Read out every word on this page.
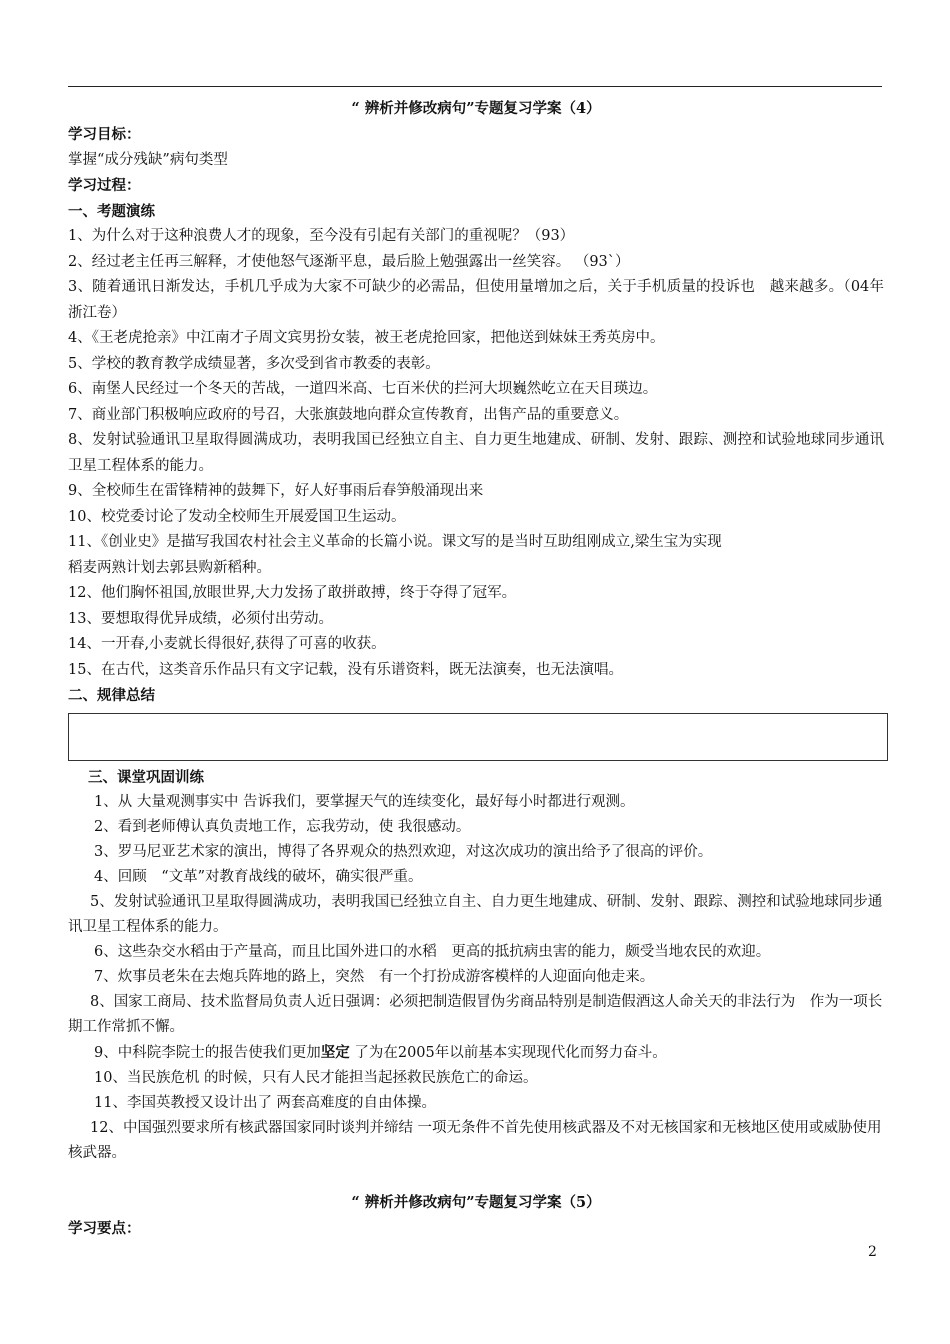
“ 辨析并修改病句”专题复习学案（4）
学习目标：
掌握“成分残缺”病句类型
学习过程：
一、考题演练
1、为什么对于这种浪费人才的现象，至今没有引起有关部门的重视呢？（93）
2、经过老主任再三解释，才使他怒气逐渐平息，最后脸上勉强露出一丝笑容。 （93`）
3、随着通讯日渐发达，手机几乎成为大家不可缺少的必需品，但使用量增加之后，关于手机质量的投诉也　越来越多。（04年浙江卷）
4、《王老虎抢亲》中江南才子周文宾男扮女装，被王老虎抢回家，把他送到妹妹王秀英房中。
5、学校的教育教学成绩显著，多次受到省市教委的表彰。
6、南堡人民经过一个冬天的苦战，一道四米高、七百米伏的拦河大坝巍然屹立在天目瑛边。
7、商业部门积极响应政府的号召，大张旗鼓地向群众宣传教育，出售产品的重要意义。
8、发射试验通讯卫星取得圆满成功，表明我国已经独立自主、自力更生地建成、研制、发射、跟踪、测控和试验地球同步通讯卫星工程体系的能力。
9、全校师生在雷锋精神的鼓舞下，好人好事雨后春笋般涌现出来
10、校党委讨论了发动全校师生开展爱国卫生运动。
11、《创业史》是描写我国农村社会主义革命的长篇小说。课文写的是当时互助组刚成立,梁生宝为实现
稻麦两熟计划去郭县购新稻种。
12、他们胸怀祖国,放眼世界,大力发扬了敢拼敢搏，终于夺得了冠军。
13、要想取得优异成绩，必须付出劳动。
14、一开春,小麦就长得很好,获得了可喜的收获。
15、在古代，这类音乐作品只有文字记载，没有乐谱资料，既无法演奏，也无法演唱。
二、规律总结
三、课堂巩固训练
1、从 大量观测事实中 告诉我们，要掌握天气的连续变化，最好每小时都进行观测。
2、看到老师傅认真负责地工作，忘我劳动，使 我很感动。
3、罗马尼亚艺术家的演出，博得了各界观众的热烈欢迎，对这次成功的演出给予了很高的评价。
4、回顾　“文革”对教育战线的破坏，确实很严重。
5、发射试验通讯卫星取得圆满成功，表明我国已经独立自主、自力更生地建成、研制、发射、跟踪、测控和试验地球同步通讯卫星工程体系的能力。
6、这些杂交水稻由于产量高，而且比国外进口的水稻　更高的抵抗病虫害的能力，颇受当地农民的欢迎。
7、炊事员老朱在去炮兵阵地的路上，突然　有一个打扮成游客模样的人迎面向他走来。
8、国家工商局、技术监督局负责人近日强调：必须把制造假冒伪劣商品特别是制造假酒这人命关天的非法行为　作为一项长期工作常抓不懈。
9、中科院李院士的报告使我们更加坚定 了为在2005年以前基本实现现代化而努力奋斗。
10、当民族危机 的时候，只有人民才能担当起拯救民族危亡的命运。
11、李国英教授又设计出了 两套高难度的自由体操。
12、中国强烈要求所有核武器国家同时谈判并缔结 一项无条件不首先使用核武器及不对无核国家和无核地区使用或威胁使用核武器。
“ 辨析并修改病句”专题复习学案（5）
学习要点：
2
